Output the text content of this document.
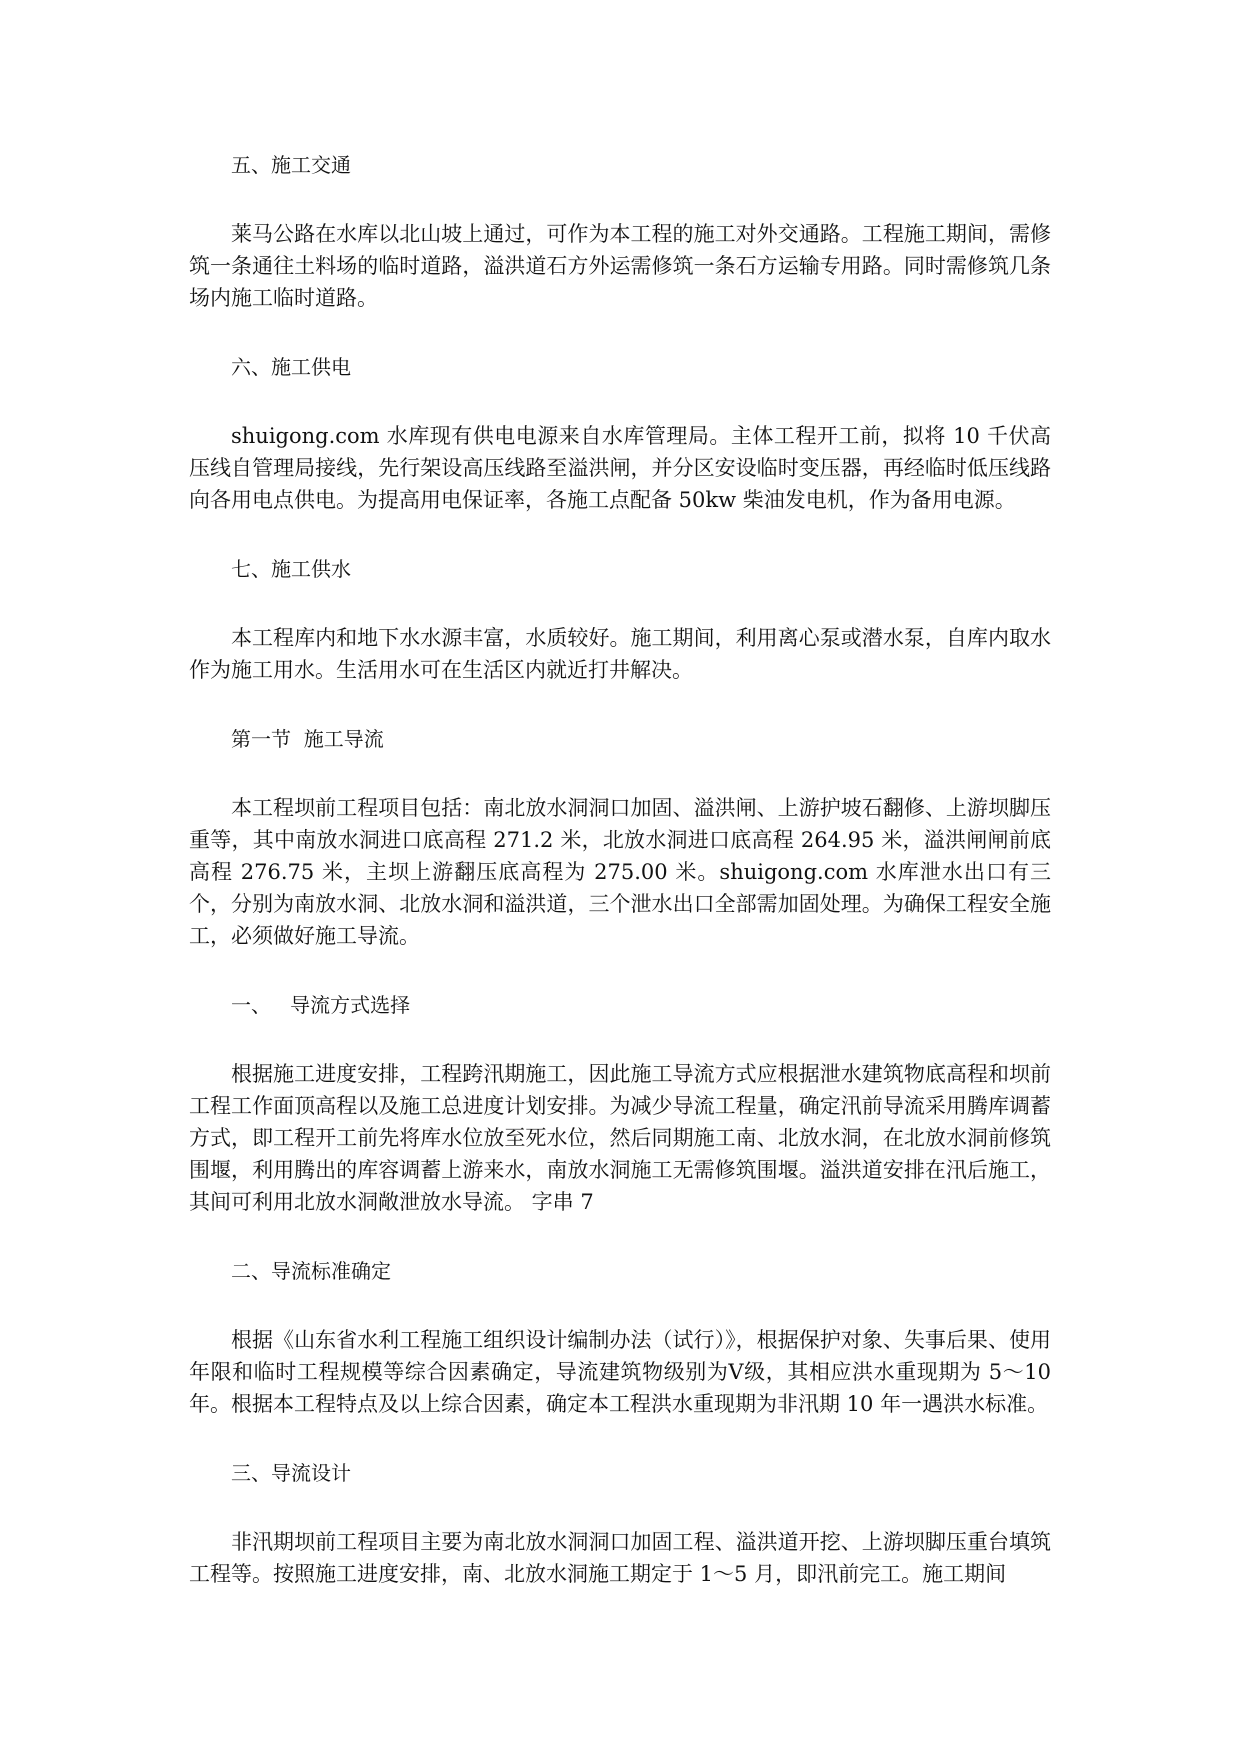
五、施工交通
莱马公路在水库以北山坡上通过，可作为本工程的施工对外交通路。工程施工期间，需修筑一条通往土料场的临时道路，溢洪道石方外运需修筑一条石方运输专用路。同时需修筑几条场内施工临时道路。
六、施工供电
shuigong.com 水库现有供电电源来自水库管理局。主体工程开工前，拟将 10 千伏高压线自管理局接线，先行架设高压线路至溢洪闸，并分区安设临时变压器，再经临时低压线路向各用电点供电。为提高用电保证率，各施工点配备 50kw 柴油发电机，作为备用电源。
七、施工供水
本工程库内和地下水水源丰富，水质较好。施工期间，利用离心泵或潜水泵，自库内取水作为施工用水。生活用水可在生活区内就近打井解决。
第一节  施工导流
本工程坝前工程项目包括：南北放水洞洞口加固、溢洪闸、上游护坡石翻修、上游坝脚压重等，其中南放水洞进口底高程 271.2 米，北放水洞进口底高程 264.95 米，溢洪闸闸前底高程 276.75 米，主坝上游翻压底高程为 275.00 米。shuigong.com 水库泄水出口有三个，分别为南放水洞、北放水洞和溢洪道，三个泄水出口全部需加固处理。为确保工程安全施工，必须做好施工导流。
一、   导流方式选择
根据施工进度安排，工程跨汛期施工，因此施工导流方式应根据泄水建筑物底高程和坝前工程工作面顶高程以及施工总进度计划安排。为减少导流工程量，确定汛前导流采用腾库调蓄方式，即工程开工前先将库水位放至死水位，然后同期施工南、北放水洞，在北放水洞前修筑围堰，利用腾出的库容调蓄上游来水，南放水洞施工无需修筑围堰。溢洪道安排在汛后施工，其间可利用北放水洞敞泄放水导流。 字串 7
二、导流标准确定
根据《山东省水利工程施工组织设计编制办法（试行）》，根据保护对象、失事后果、使用年限和临时工程规模等综合因素确定，导流建筑物级别为Ⅴ级，其相应洪水重现期为 5～10 年。根据本工程特点及以上综合因素，确定本工程洪水重现期为非汛期 10 年一遇洪水标准。
三、导流设计
非汛期坝前工程项目主要为南北放水洞洞口加固工程、溢洪道开挖、上游坝脚压重台填筑工程等。按照施工进度安排，南、北放水洞施工期定于 1～5 月，即汛前完工。施工期间
